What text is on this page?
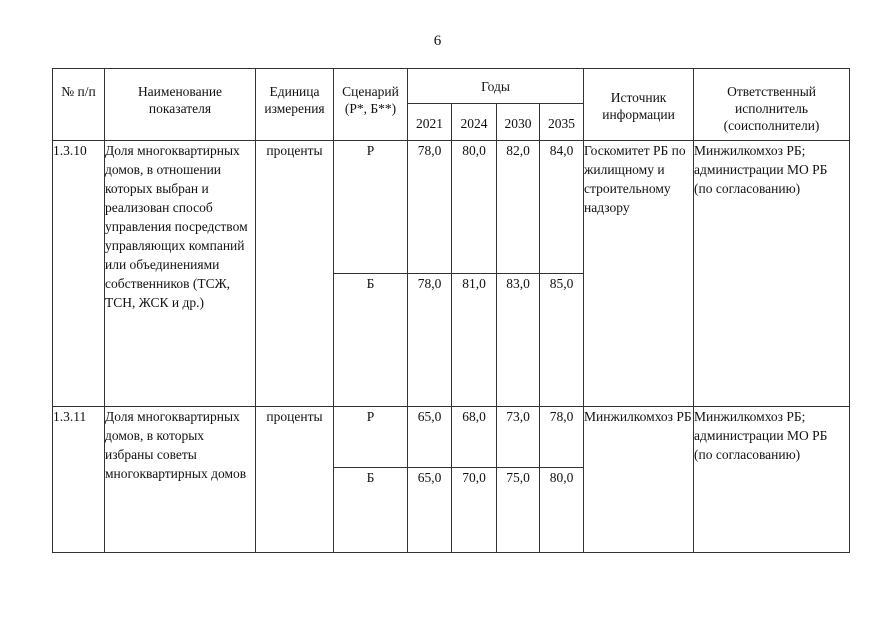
6
№ п/п	Наименование показателя	Единица измерения	Сценарий (Р*, Б**)	Годы				Источник информации	Ответственный исполнитель (соисполнители)

				2021	2024	2030	2035		

1.3.10	Доля многоквартирных домов, в отношении которых выбран и реализован способ управления посредством управляющих компаний или объединениями собственников (ТСЖ, ТСН, ЖСК и др.)	проценты	Р	78,0	80,0	82,0	84,0	Госкомитет РБ по жилищному и строительному надзору	Минжилкомхоз РБ; администрации МО РБ (по согласованию)
			Б	78,0	81,0	83,0	85,0		
1.3.11	Доля многоквартирных домов, в которых избраны советы многоквартирных домов	проценты	Р	65,0	68,0	73,0	78,0	Минжилкомхоз РБ	Минжилкомхоз РБ; администрации МО РБ (по согласованию)
			Б	65,0	70,0	75,0	80,0		
